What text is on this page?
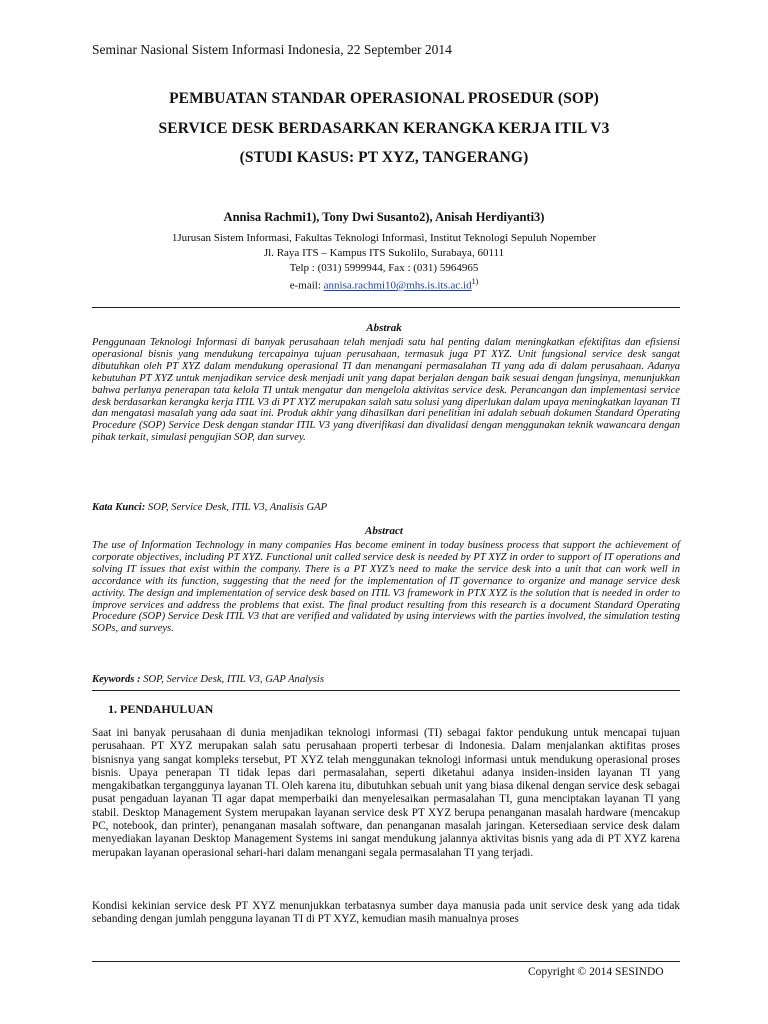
Seminar Nasional Sistem Informasi Indonesia, 22 September 2014
PEMBUATAN STANDAR OPERASIONAL PROSEDUR (SOP)
SERVICE DESK BERDASARKAN KERANGKA KERJA ITIL V3
(STUDI KASUS: PT XYZ, TANGERANG)
Annisa Rachmi1), Tony Dwi Susanto2), Anisah Herdiyanti3)
1Jurusan Sistem Informasi, Fakultas Teknologi Informasi, Institut Teknologi Sepuluh Nopember
Jl. Raya ITS – Kampus ITS Sukolilo, Surabaya, 60111
Telp : (031) 5999944, Fax : (031) 5964965
e-mail: $annisa.rachmi10@mhs.is.its.ac.id^{1)}$
Abstrak
Penggunaan Teknologi Informasi di banyak perusahaan telah menjadi satu hal penting dalam meningkatkan efektifitas dan efisiensi operasional bisnis yang mendukung tercapainya tujuan perusahaan, termasuk juga PT XYZ. Unit fungsional service desk sangat dibutuhkan oleh PT XYZ dalam mendukung operasional TI dan menangani permasalahan TI yang ada di dalam perusahaan. Adanya kebutuhan PT XYZ untuk menjadikan service desk menjadi unit yang dapat berjalan dengan baik sesuai dengan fungsinya, menunjukkan bahwa perlunya penerapan tata kelola TI untuk mengatur dan mengelola aktivitas service desk. Perancangan dan implementasi service desk berdasarkan kerangka kerja ITIL V3 di PT XYZ merupakan salah satu solusi yang diperlukan dalam upaya meningkatkan layanan TI dan mengatasi masalah yang ada saat ini. Produk akhir yang dihasilkan dari penelitian ini adalah sebuah dokumen Standard Operating Procedure (SOP) Service Desk dengan standar ITIL V3 yang diverifikasi dan divalidasi dengan menggunakan teknik wawancara dengan pihak terkait, simulasi pengujian SOP, dan survey.
Kata Kunci: SOP, Service Desk, ITIL V3, Analisis GAP
Abstract
The use of Information Technology in many companies Has become eminent in today business process that support the achievement of corporate objectives, including PT XYZ. Functional unit called service desk is needed by PT XYZ in order to support of IT operations and solving IT issues that exist within the company. There is a PT XYZ’s need to make the service desk into a unit that can work well in accordance with its function, suggesting that the need for the implementation of IT governance to organize and manage service desk activity. The design and implementation of service desk based on ITIL V3 framework in PTX XYZ is the solution that is needed in order to improve services and address the problems that exist. The final product resulting from this research is a document Standard Operating Procedure (SOP) Service Desk ITIL V3 that are verified and validated by using interviews with the parties involved, the simulation testing SOPs, and surveys.
Keywords : SOP, Service Desk, ITIL V3, GAP Analysis
1. PENDAHULUAN
Saat ini banyak perusahaan di dunia menjadikan teknologi informasi (TI) sebagai faktor pendukung untuk mencapai tujuan perusahaan. PT XYZ merupakan salah satu perusahaan properti terbesar di Indonesia. Dalam menjalankan aktifitas proses bisnisnya yang sangat kompleks tersebut, PT XYZ telah menggunakan teknologi informasi untuk mendukung operasional proses bisnis. Upaya penerapan TI tidak lepas dari permasalahan, seperti diketahui adanya insiden-insiden layanan TI yang mengakibatkan terganggunya layanan TI. Oleh karena itu, dibutuhkan sebuah unit yang biasa dikenal dengan service desk sebagai pusat pengaduan layanan TI agar dapat memperbaiki dan menyelesaikan permasalahan TI, guna menciptakan layanan TI yang stabil. Desktop Management System merupakan layanan service desk PT XYZ berupa penanganan masalah hardware (mencakup PC, notebook, dan printer), penanganan masalah software, dan penanganan masalah jaringan. Ketersediaan service desk dalam menyediakan layanan Desktop Management Systems ini sangat mendukung jalannya aktivitas bisnis yang ada di PT XYZ karena merupakan layanan operasional sehari-hari dalam menangani segala permasalahan TI yang terjadi.
Kondisi kekinian service desk PT XYZ menunjukkan terbatasnya sumber daya manusia pada unit service desk yang ada tidak sebanding dengan jumlah pengguna layanan TI di PT XYZ, kemudian masih manualnya proses
Copyright © 2014 SESINDO
